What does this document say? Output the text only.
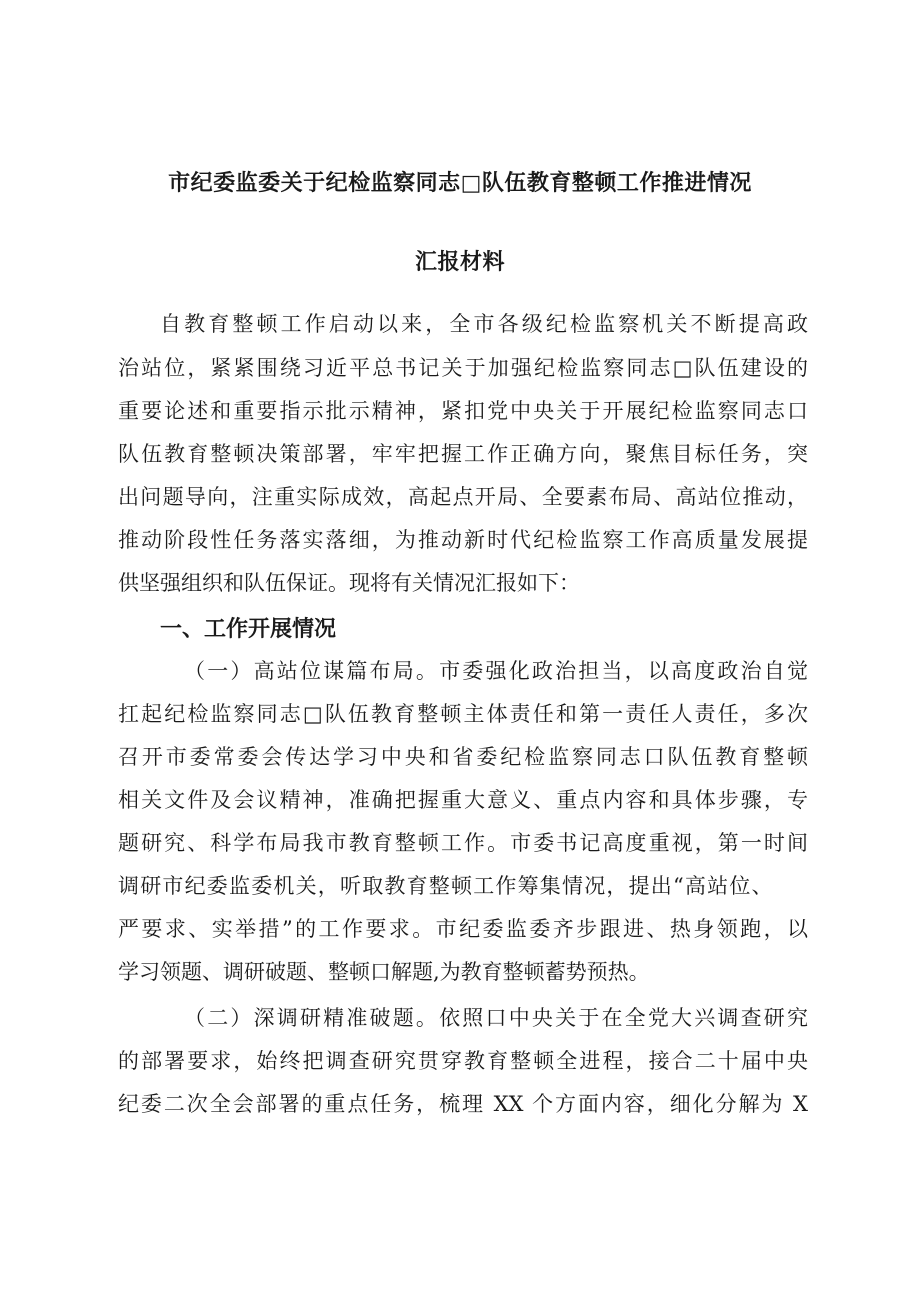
市纪委监委关于纪检监察同志□队伍教育整顿工作推进情况
汇报材料
自教育整顿工作启动以来，全市各级纪检监察机关不断提高政
治站位，紧紧围绕习近平总书记关于加强纪检监察同志□队伍建设的
重要论述和重要指示批示精神，紧扣党中央关于开展纪检监察同志口
队伍教育整顿决策部署，牢牢把握工作正确方向，聚焦目标任务，突
出问题导向，注重实际成效，高起点开局、全要素布局、高站位推动，
推动阶段性任务落实落细，为推动新时代纪检监察工作高质量发展提
供坚强组织和队伍保证。现将有关情况汇报如下：
一、工作开展情况
（一）高站位谋篇布局。市委强化政治担当，以高度政治自觉
扛起纪检监察同志□队伍教育整顿主体责任和第一责任人责任，多次
召开市委常委会传达学习中央和省委纪检监察同志口队伍教育整顿
相关文件及会议精神，准确把握重大意义、重点内容和具体步骤，专
题研究、科学布局我市教育整顿工作。市委书记高度重视，第一时间
调研市纪委监委机关，听取教育整顿工作筹集情况，提出“高站位、
严要求、实举措”的工作要求。市纪委监委齐步跟进、热身领跑，以
学习领题、调研破题、整顿口解题,为教育整顿蓄势预热。
（二）深调研精准破题。依照口中央关于在全党大兴调查研究
的部署要求，始终把调查研究贯穿教育整顿全进程，接合二十届中央
纪委二次全会部署的重点任务，梳理 XX 个方面内容，细化分解为 X
